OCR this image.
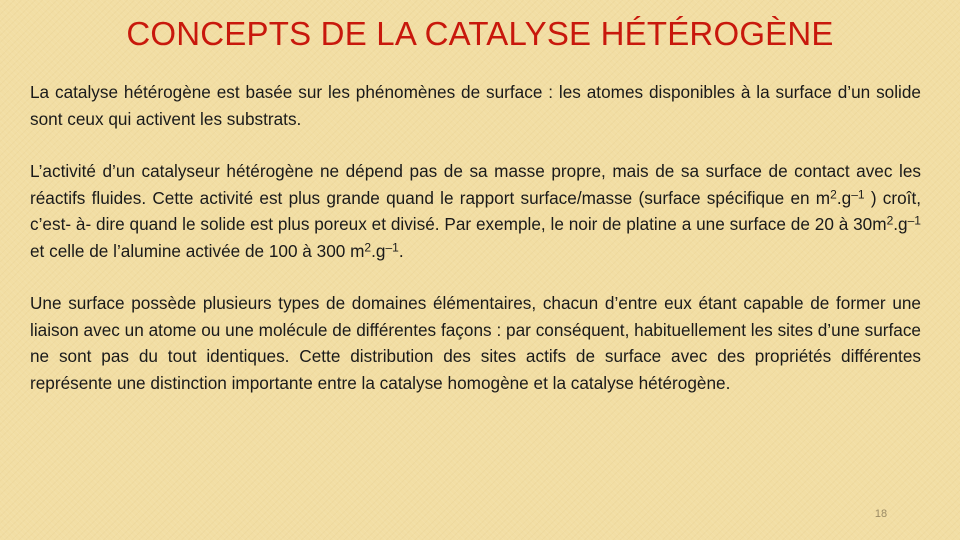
CONCEPTS DE LA CATALYSE HÉTÉROGÈNE

La catalyse hétérogène est basée sur les phénomènes de surface : les atomes disponibles à la surface d’un solide sont ceux qui activent les substrats.

L’activité d’un catalyseur hétérogène ne dépend pas de sa masse propre, mais de sa surface de contact avec les réactifs fluides. Cette activité est plus grande quand le rapport surface/masse (surface spécifique en $m^2.g^{-1}$ ) croît, c’est- à- dire quand le solide est plus poreux et divisé. Par exemple, le noir de platine a une surface de 20 à $30m^2.g^{-1}$ et celle de l’alumine activée de 100 à 300 $m^2.g^{-1}$.

Une surface possède plusieurs types de domaines élémentaires, chacun d’entre eux étant capable de former une liaison avec un atome ou une molécule de différentes façons : par conséquent, habituellement les sites d’une surface ne sont pas du tout identiques. Cette distribution des sites actifs de surface avec des propriétés différentes représente une distinction importante entre la catalyse homogène et la catalyse hétérogène.

18
